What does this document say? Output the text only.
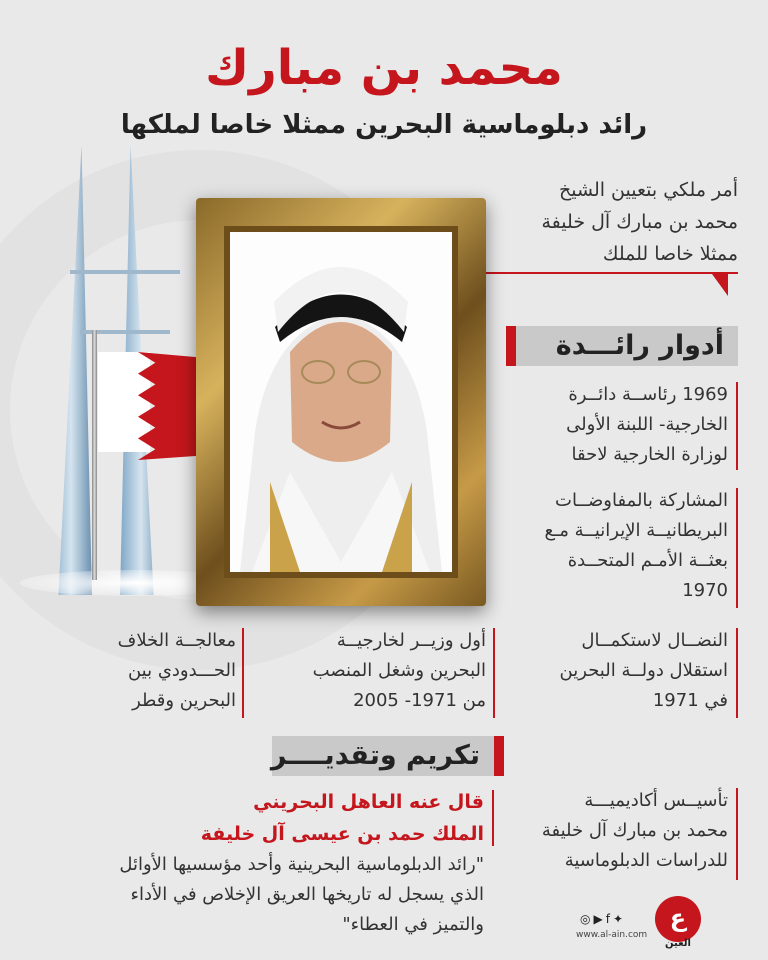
محمد بن مبارك
رائد دبلوماسية البحرين ممثلا خاصا لملكها
أمر ملكي بتعيين الشيخ
محمد بن مبارك آل خليفة
ممثلا خاصا للملك
أدوار رائـــدة
1969 رئاســة دائــرة
الخارجية- اللبنة الأولى
لوزارة الخارجية لاحقا
المشاركة بالمفاوضــات
البريطانيــة الإيرانيــة مـع
بعثــة الأمـم المتحــدة
1970
النضــال لاستكمــال
استقلال دولــة البحرين
في 1971
أول وزيــر لخارجيــة
البحرين وشغل المنصب
من 1971- 2005
معالجــة الخلاف
الحـــدودي بين
البحرين وقطر
تكريم وتقديــــر
تأسيــس أكاديميـــة
محمد بن مبارك آل خليفة
للدراسات الدبلوماسية
قال عنه العاهل البحريني
الملك حمد بن عيسى آل خليفة
"رائد الدبلوماسية البحرينية وأحد مؤسسيها الأوائل
الذي يسجل له تاريخها العريق الإخلاص في الأداء
والتميز في العطاء"	◎▶f✦
www.al-ain.com
ع
العين
